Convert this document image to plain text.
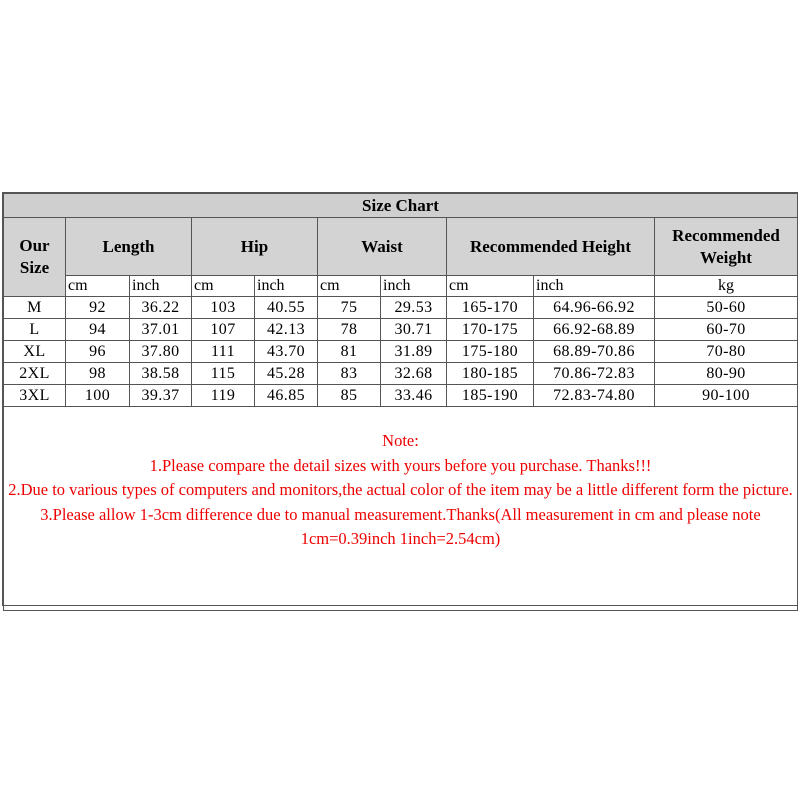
Size Chart									
Our Size	Length		Hip		Waist		Recommended Height		Recommended Weight
	cm	inch	cm	inch	cm	inch	cm	inch	kg
M	92	36.22	103	40.55	75	29.53	165-170	64.96-66.92	50-60
L	94	37.01	107	42.13	78	30.71	170-175	66.92-68.89	60-70
XL	96	37.80	111	43.70	81	31.89	175-180	68.89-70.86	70-80
2XL	98	38.58	115	45.28	83	32.68	180-185	70.86-72.83	80-90
3XL	100	39.37	119	46.85	85	33.46	185-190	72.83-74.80	90-100

Note:
1.Please compare the detail sizes with yours before you purchase. Thanks!!!
2.Due to various types of computers and monitors,the actual color of the item may be a little different form the picture.
3.Please allow 1-3cm difference due to manual measurement.Thanks(All measurement in cm and please note 1cm=0.39inch 1inch=2.54cm)									
